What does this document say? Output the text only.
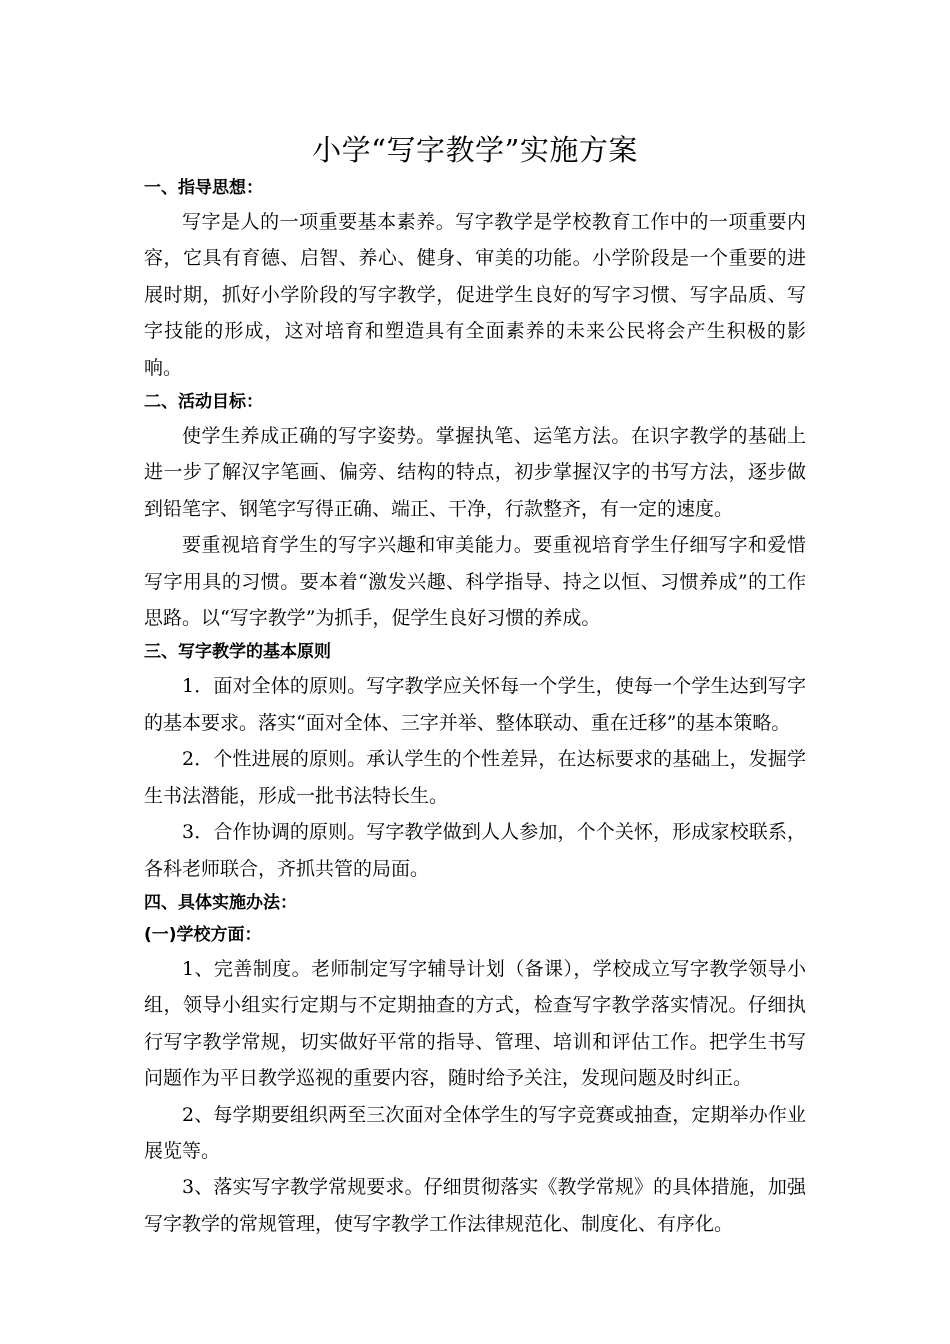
小学“写字教学”实施方案
一、指导思想：

写字是人的一项重要基本素养。写字教学是学校教育工作中的一项重要内容，它具有育德、启智、养心、健身、审美的功能。小学阶段是一个重要的进展时期，抓好小学阶段的写字教学，促进学生良好的写字习惯、写字品质、写字技能的形成，这对培育和塑造具有全面素养的未来公民将会产生积极的影响。

二、活动目标：

使学生养成正确的写字姿势。掌握执笔、运笔方法。在识字教学的基础上进一步了解汉字笔画、偏旁、结构的特点，初步掌握汉字的书写方法，逐步做到铅笔字、钢笔字写得正确、端正、干净，行款整齐，有一定的速度。

要重视培育学生的写字兴趣和审美能力。要重视培育学生仔细写字和爱惜写字用具的习惯。要本着“激发兴趣、科学指导、持之以恒、习惯养成”的工作思路。以“写字教学”为抓手，促学生良好习惯的养成。

三、写字教学的基本原则

1．面对全体的原则。写字教学应关怀每一个学生，使每一个学生达到写字的基本要求。落实“面对全体、三字并举、整体联动、重在迁移”的基本策略。

2．个性进展的原则。承认学生的个性差异，在达标要求的基础上，发掘学生书法潜能，形成一批书法特长生。

3．合作协调的原则。写字教学做到人人参加，个个关怀，形成家校联系，各科老师联合，齐抓共管的局面。

四、具体实施办法：
(一)学校方面：

1、完善制度。老师制定写字辅导计划（备课），学校成立写字教学领导小组，领导小组实行定期与不定期抽查的方式，检查写字教学落实情况。仔细执行写字教学常规，切实做好平常的指导、管理、培训和评估工作。把学生书写问题作为平日教学巡视的重要内容，随时给予关注，发现问题及时纠正。

2、每学期要组织两至三次面对全体学生的写字竞赛或抽查，定期举办作业展览等。

3、落实写字教学常规要求。仔细贯彻落实《教学常规》的具体措施，加强写字教学的常规管理，使写字教学工作法律规范化、制度化、有序化。
